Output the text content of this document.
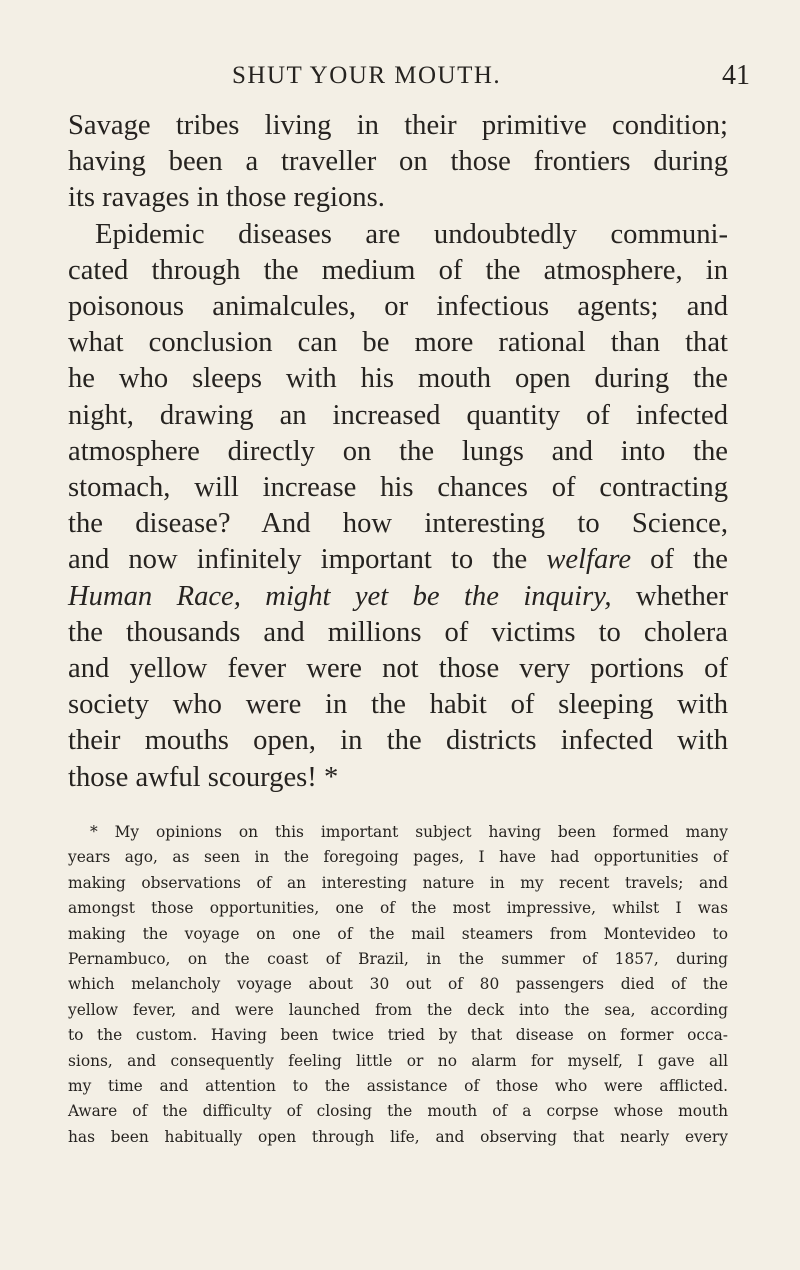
SHUT YOUR MOUTH.	41
Savage tribes living in their primitive condition;
having been a traveller on those frontiers during
its ravages in those regions.
Epidemic diseases are undoubtedly communi-
cated through the medium of the atmosphere, in
poisonous animalcules, or infectious agents; and
what conclusion can be more rational than that
he who sleeps with his mouth open during the
night, drawing an increased quantity of infected
atmosphere directly on the lungs and into the
stomach, will increase his chances of contracting
the disease? And how interesting to Science,
and now infinitely important to the welfare of the
Human Race, might yet be the inquiry, whether
the thousands and millions of victims to cholera
and yellow fever were not those very portions of
society who were in the habit of sleeping with
their mouths open, in the districts infected with
those awful scourges! *
* My opinions on this important subject having been formed many
years ago, as seen in the foregoing pages, I have had opportunities of
making observations of an interesting nature in my recent travels; and
amongst those opportunities, one of the most impressive, whilst I was
making the voyage on one of the mail steamers from Montevideo to
Pernambuco, on the coast of Brazil, in the summer of 1857, during
which melancholy voyage about 30 out of 80 passengers died of the
yellow fever, and were launched from the deck into the sea, according
to the custom. Having been twice tried by that disease on former occa-
sions, and consequently feeling little or no alarm for myself, I gave all
my time and attention to the assistance of those who were afflicted.
Aware of the difficulty of closing the mouth of a corpse whose mouth
has been habitually open through life, and observing that nearly every
